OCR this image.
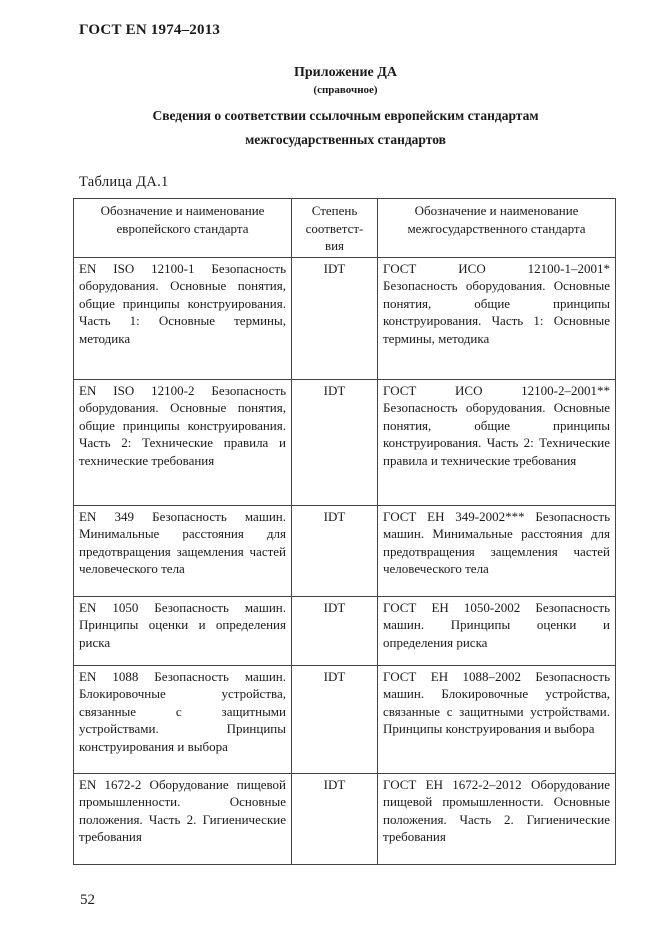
ГОСТ EN 1974–2013
Приложение ДА
(справочное)
Сведения о соответствии ссылочным европейским стандартам
межгосударственных стандартов
Таблица ДА.1
Обозначение и наименование европейского стандарта	Степень соответст-вия	Обозначение и наименование межгосударственного стандарта
EN ISO 12100-1 Безопасность оборудования. Основные понятия, общие принципы конструирования. Часть 1: Основные термины, методика	IDT	ГОСТ ИСО 12100-1–2001* Безопасность оборудования. Основные понятия, общие принципы конструирования. Часть 1: Основные термины, методика
EN ISO 12100-2 Безопасность оборудования. Основные понятия, общие принципы конструирования. Часть 2: Технические правила и технические требования	IDT	ГОСТ ИСО 12100-2–2001** Безопасность оборудования. Основные понятия, общие принципы конструирования. Часть 2: Технические правила и технические требования
EN 349 Безопасность машин. Минимальные расстояния для предотвращения защемления частей человеческого тела	IDT	ГОСТ ЕН 349-2002*** Безопасность машин. Минимальные расстояния для предотвращения защемления частей человеческого тела
EN 1050 Безопасность машин. Принципы оценки и определения риска	IDT	ГОСТ ЕН 1050-2002 Безопасность машин. Принципы оценки и определения риска
EN 1088 Безопасность машин. Блокировочные устройства, связанные с защитными устройствами. Принципы конструирования и выбора	IDT	ГОСТ ЕН 1088–2002 Безопасность машин. Блокировочные устройства, связанные с защитными устройствами. Принципы конструирования и выбора
EN 1672-2 Оборудование пищевой промышленности. Основные положения. Часть 2. Гигиенические требования	IDT	ГОСТ ЕН 1672-2–2012 Оборудование пищевой промышленности. Основные положения. Часть 2. Гигиенические требования
52
